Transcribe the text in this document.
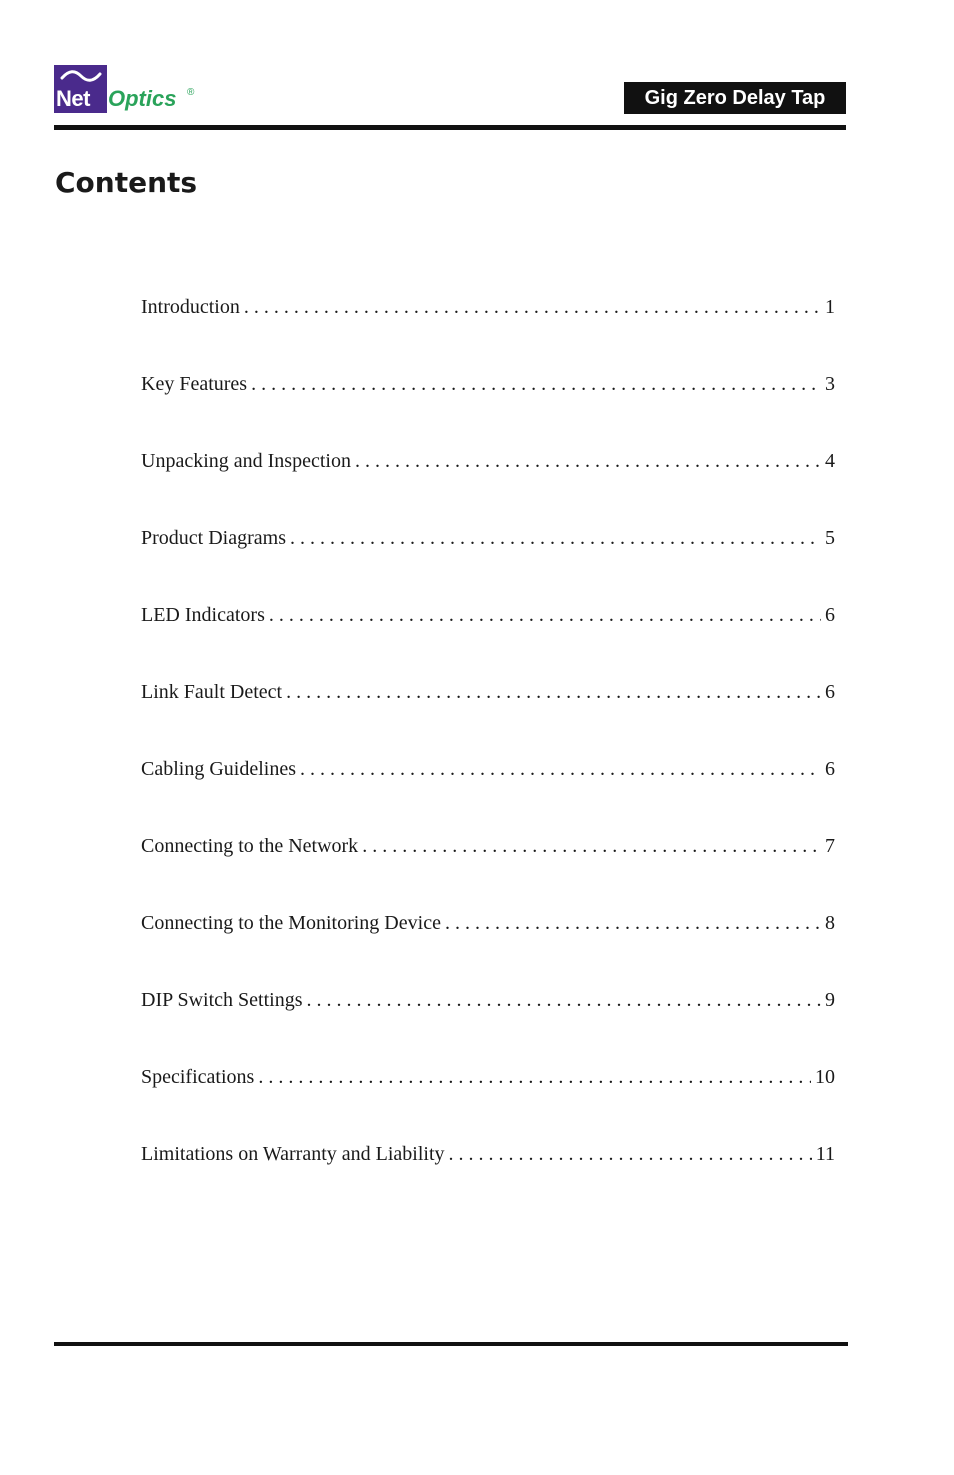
Net Optics ®	Gig Zero Delay Tap
Contents
Introduction . . .	1
Key Features . . .	3
Unpacking and Inspection . . .	4
Product Diagrams . . .	5
LED Indicators . . .	6
Link Fault Detect . . .	6
Cabling Guidelines . . .	6
Connecting to the Network . . .	7
Connecting to the Monitoring Device . . .	8
DIP Switch Settings . . .	9
Specifications . . .	10
Limitations on Warranty and Liability . . .	11
